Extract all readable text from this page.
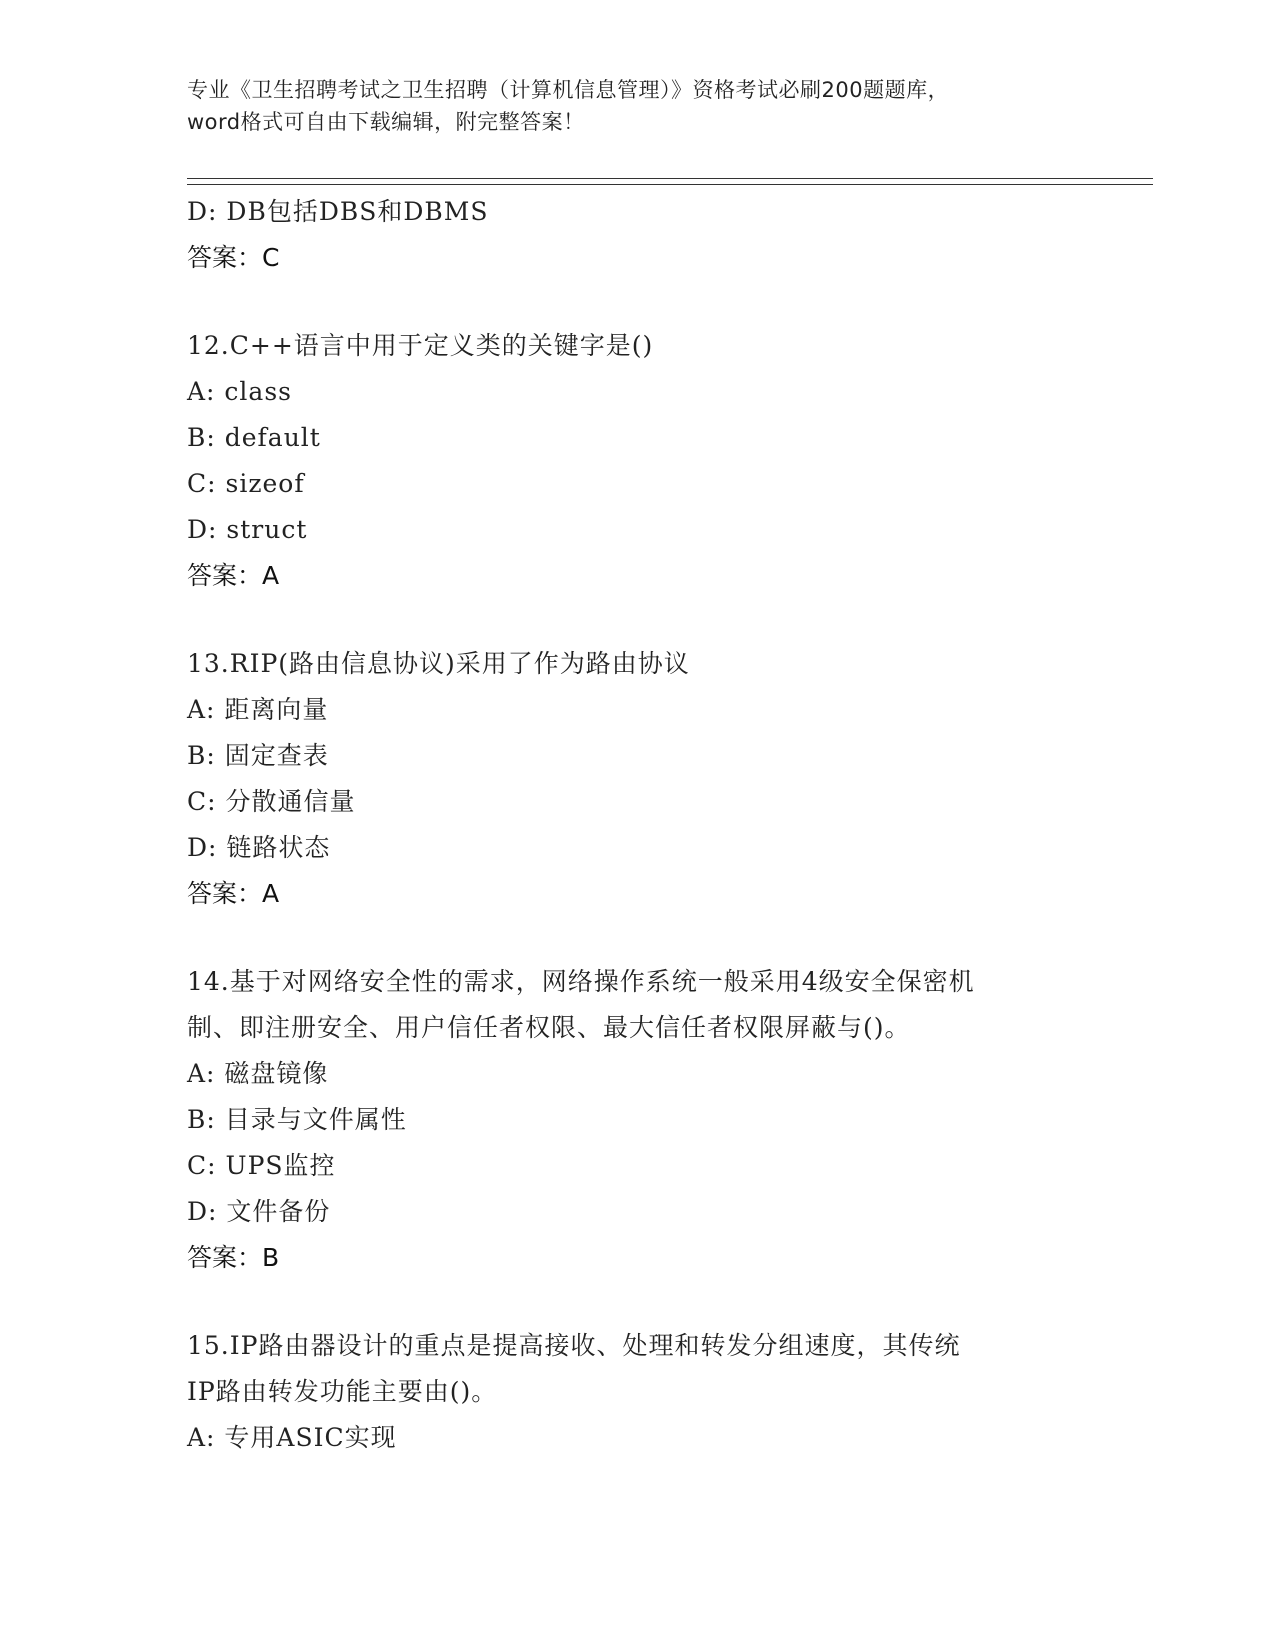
专业《卫生招聘考试之卫生招聘（计算机信息管理）》资格考试必刷200题题库，
word格式可自由下载编辑，附完整答案！
D: DB包括DBS和DBMS
答案：C
12.C++语言中用于定义类的关键字是()
A: class
B: default
C: sizeof
D: struct
答案：A
13.RIP(路由信息协议)采用了作为路由协议
A: 距离向量
B: 固定查表
C: 分散通信量
D: 链路状态
答案：A
14.基于对网络安全性的需求，网络操作系统一般采用4级安全保密机
制、即注册安全、用户信任者权限、最大信任者权限屏蔽与()。
A: 磁盘镜像
B: 目录与文件属性
C: UPS监控
D: 文件备份
答案：B
15.IP路由器设计的重点是提高接收、处理和转发分组速度，其传统
IP路由转发功能主要由()。
A: 专用ASIC实现
